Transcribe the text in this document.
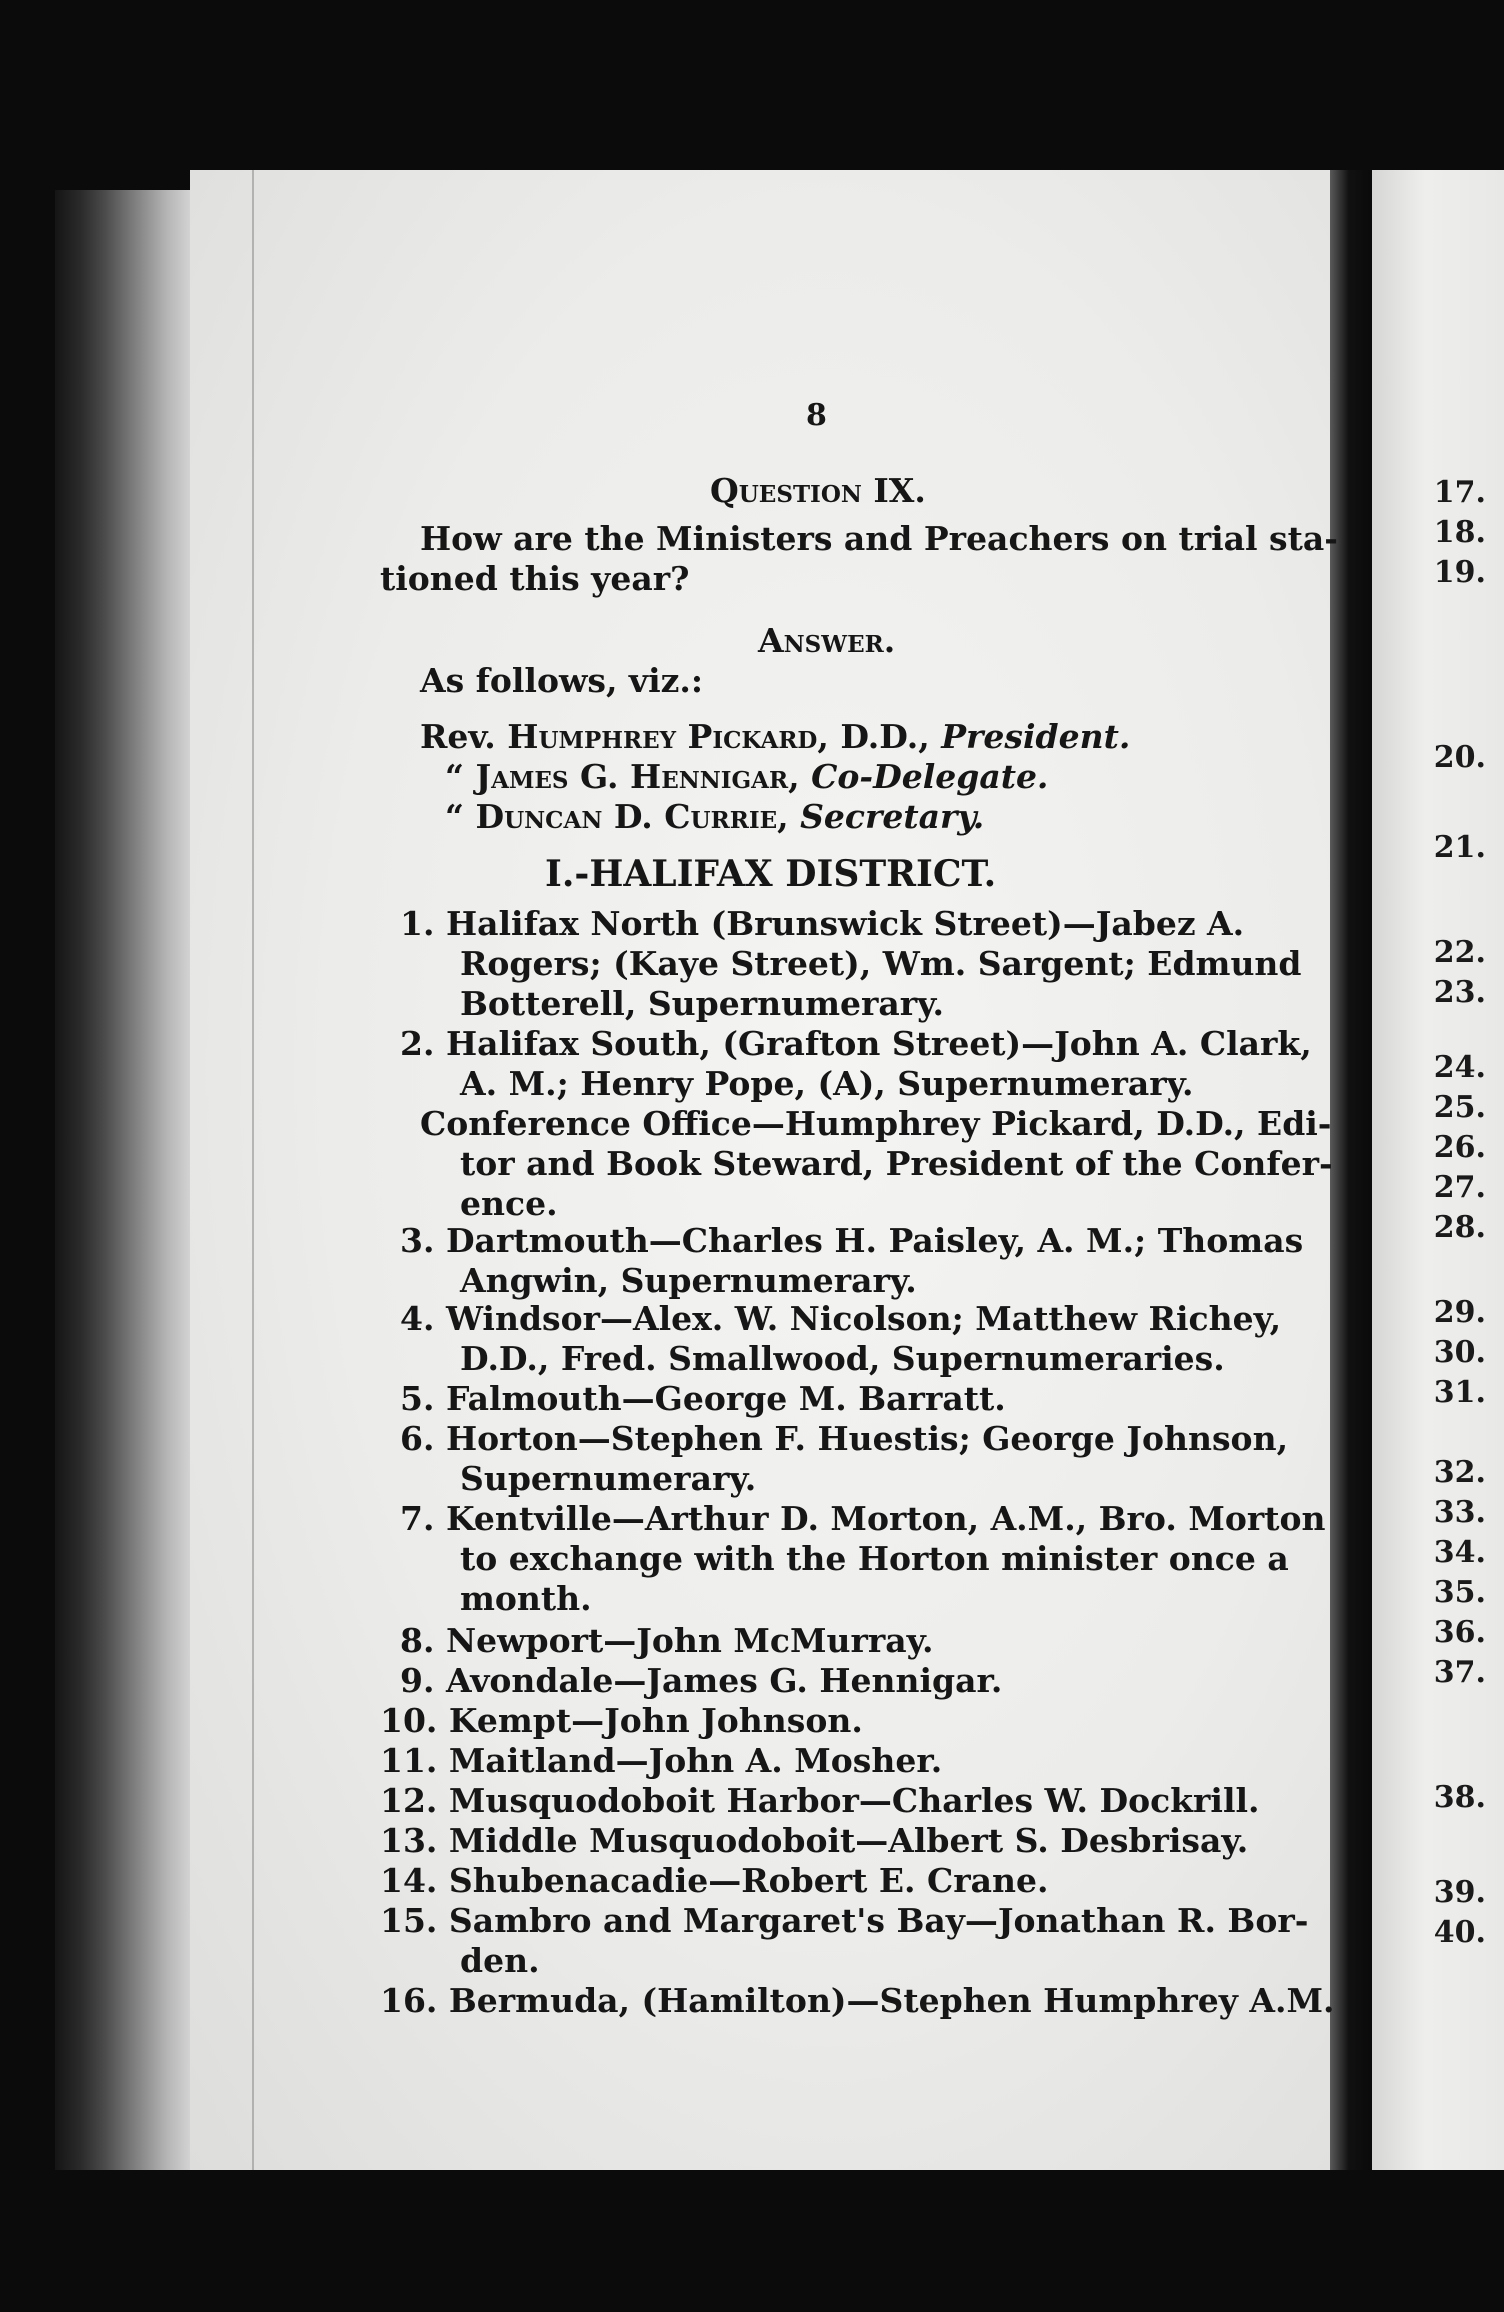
17.
18.
19.
20.
21.
22.
23.
24.
25.
26.
27.
28.
29.
30.
31.
32.
33.
34.
35.
36.
37.
38.
39.
40.
8
Question IX.
How are the Ministers and Preachers on trial sta-
tioned this year?
Answer.
As follows, viz.:
Rev. Humphrey Pickard, D.D., President.
“ James G. Hennigar, Co-Delegate.
“ Duncan D. Currie, Secretary.
I.-HALIFAX DISTRICT.
1. Halifax North (Brunswick Street)—Jabez A.
Rogers; (Kaye Street), Wm. Sargent; Edmund
Botterell, Supernumerary.
2. Halifax South, (Grafton Street)—John A. Clark,
A. M.; Henry Pope, (A), Supernumerary.
Conference Office—Humphrey Pickard, D.D., Edi-
tor and Book Steward, President of the Confer-
ence.
3. Dartmouth—Charles H. Paisley, A. M.; Thomas
Angwin, Supernumerary.
4. Windsor—Alex. W. Nicolson; Matthew Richey,
D.D., Fred. Smallwood, Supernumeraries.
5. Falmouth—George M. Barratt.
6. Horton—Stephen F. Huestis; George Johnson,
Supernumerary.
7. Kentville—Arthur D. Morton, A.M., Bro. Morton
to exchange with the Horton minister once a
month.
8. Newport—John McMurray.
9. Avondale—James G. Hennigar.
10. Kempt—John Johnson.
11. Maitland—John A. Mosher.
12. Musquodoboit Harbor—Charles W. Dockrill.
13. Middle Musquodoboit—Albert S. Desbrisay.
14. Shubenacadie—Robert E. Crane.
15. Sambro and Margaret's Bay—Jonathan R. Bor-
den.
16. Bermuda, (Hamilton)—Stephen Humphrey A.M.
